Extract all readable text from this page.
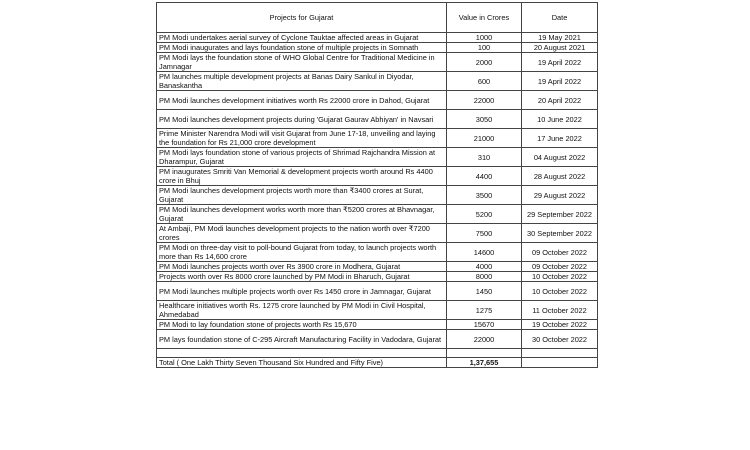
Projects for Gujarat	Value in Crores	Date
PM Modi undertakes aerial survey of Cyclone Tauktae affected areas in Gujarat	1000	19 May 2021
PM Modi inaugurates and lays foundation stone of multiple projects in Somnath	100	20 August 2021
PM Modi lays the foundation stone of WHO Global Centre for Traditional Medicine in Jamnagar	2000	19 April 2022
PM launches multiple development projects at Banas Dairy Sankul in Diyodar, Banaskantha	600	19 April 2022
PM Modi launches development initiatives worth Rs 22000 crore in Dahod, Gujarat	22000	20 April 2022
PM Modi launches development projects during 'Gujarat Gaurav Abhiyan' in Navsari	3050	10 June 2022
Prime Minister Narendra Modi will visit Gujarat from June 17-18, unveiling and laying the foundation for Rs 21,000 crore development	21000	17 June 2022
PM Modi lays foundation stone of various projects of Shrimad Rajchandra Mission at Dharampur, Gujarat	310	04 August 2022
PM inaugurates Smriti Van Memorial & development projects worth around Rs 4400 crore in Bhuj	4400	28 August 2022
PM Modi launches development projects worth more than ₹3400 crores at Surat, Gujarat	3500	29 August 2022
PM Modi launches development works worth more than ₹5200 crores at Bhavnagar, Gujarat	5200	29 September 2022
At Ambaji, PM Modi launches development projects to the nation worth over ₹7200 crores	7500	30 September 2022
PM Modi on three-day visit to poll-bound Gujarat from today, to launch projects worth more than Rs 14,600 crore	14600	09 October 2022
PM Modi launches projects worth over Rs 3900 crore in Modhera, Gujarat	4000	09 October 2022
Projects worth over Rs 8000 crore launched by PM Modi in Bharuch, Gujarat	8000	10 October 2022
PM Modi launches multiple projects worth over Rs 1450 crore in Jamnagar, Gujarat	1450	10 October 2022
Healthcare initiatives worth Rs. 1275 crore launched by PM Modi in Civil Hospital, Ahmedabad	1275	11 October 2022
PM Modi to lay foundation stone of projects worth Rs 15,670	15670	19 October 2022
PM lays foundation stone of C-295 Aircraft Manufacturing Facility in Vadodara, Gujarat	22000	30 October 2022

Total ( One Lakh Thirty Seven Thousand Six Hundred and Fifty Five)	1,37,655	
